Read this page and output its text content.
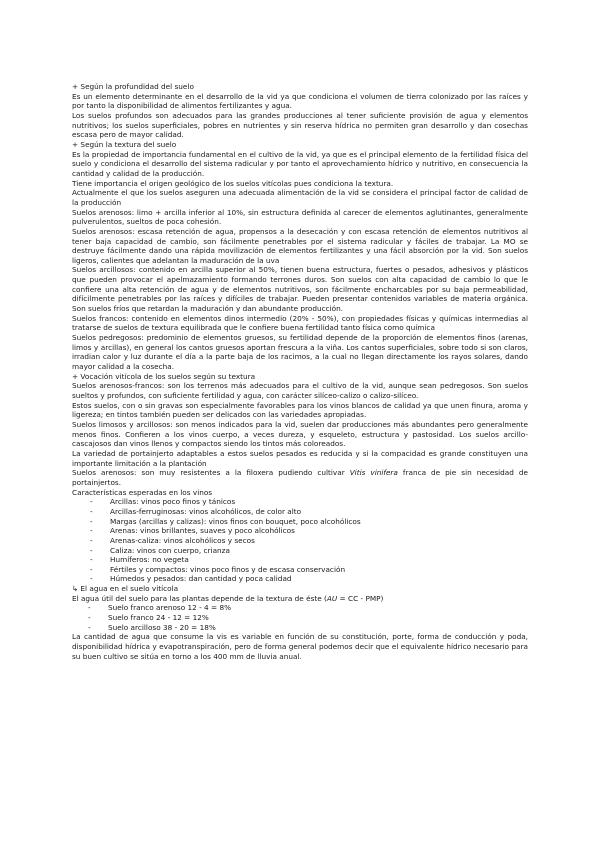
+ Según la profundidad del suelo

Es un elemento determinante en el desarrollo de la vid ya que condiciona el volumen de tierra colonizado por las raíces y por tanto la disponibilidad de alimentos fertilizantes y agua.

Los suelos profundos son adecuados para las grandes producciones al tener suficiente provisión de agua y elementos nutritivos; los suelos superficiales, pobres en nutrientes y sin reserva hídrica no permiten gran desarrollo y dan cosechas escasa pero de mayor calidad.

+ Según la textura del suelo

Es la propiedad de importancia fundamental en el cultivo de la vid, ya que es el principal elemento de la fertilidad física del suelo y condiciona el desarrollo del sistema radicular y por tanto el aprovechamiento hídrico y nutritivo, en consecuencia la cantidad y calidad de la producción.

Tiene importancia el origen geológico de los suelos vitícolas pues condiciona la textura.

Actualmente el que los suelos aseguren una adecuada alimentación de la vid se considera el principal factor de calidad de la producción

Suelos arenosos: limo + arcilla inferior al 10%, sin estructura definida al carecer de elementos aglutinantes, generalmente pulverulentos, sueltos de poca cohesión.

Suelos arenosos: escasa retención de agua, propensos a la desecación y con escasa retención de elementos nutritivos al tener baja capacidad de cambio, son fácilmente penetrables por el sistema radicular y fáciles de trabajar. La MO se destruye fácilmente dando una rápida movilización de elementos fertilizantes y una fácil absorción por la vid. Son suelos ligeros, calientes que adelantan la maduración de la uva

Suelos arcillosos: contenido en arcilla superior al 50%, tienen buena estructura, fuertes o pesados, adhesivos y plásticos que pueden provocar el apelmazamiento formando terrones duros. Son suelos con alta capacidad de cambio lo que le confiere una alta retención de agua y de elementos nutritivos, son fácilmente encharcables por su baja permeabilidad, difícilmente penetrables por las raíces y difíciles de trabajar. Pueden presentar contenidos variables de materia orgánica. Son suelos fríos que retardan la maduración y dan abundante producción.

Suelos francos: contenido en elementos dinos intermedio (20% - 50%), con propiedades físicas y químicas intermedias al tratarse de suelos de textura equilibrada que le confiere buena fertilidad tanto física como química

Suelos pedregosos: predominio de elementos gruesos, su fertilidad depende de la proporción de elementos finos (arenas, limos y arcillas), en general los cantos gruesos aportan frescura a la viña. Los cantos superficiales, sobre todo si son claros, irradian calor y luz durante el día a la parte baja de los racimos, a la cual no llegan directamente los rayos solares, dando mayor calidad a la cosecha.

+ Vocación vitícola de los suelos según su textura

Suelos arenosos-francos: son los terrenos más adecuados para el cultivo de la vid, aunque sean pedregosos. Son suelos sueltos y profundos, con suficiente fertilidad y agua, con carácter silíceo-calizo o calizo-silíceo.

Estos suelos, con o sin gravas son especialmente favorables para los vinos blancos de calidad ya que unen finura, aroma y ligereza; en tintos también pueden ser delicados con las variedades apropiadas.

Suelos limosos y arcillosos: son menos indicados para la vid, suelen dar producciones más abundantes pero generalmente menos finos. Confieren a los vinos cuerpo, a veces dureza, y esqueleto, estructura y pastosidad. Los suelos arcillo-cascajosos dan vinos llenos y compactos siendo los tintos más coloreados.

La variedad de portainjerto adaptables a estos suelos pesados es reducida y si la compacidad es grande constituyen una importante limitación a la plantación

Suelos arenosos: son muy resistentes a la filoxera pudiendo cultivar Vitis vinifera franca de pie sin necesidad de portainjertos.

Características esperadas en los vinos

- Arcillas: vinos poco finos y tánicos
- Arcillas-ferruginosas: vinos alcohólicos, de color alto
- Margas (arcillas y calizas): vinos finos con bouquet, poco alcohólicos
- Arenas: vinos brillantes, suaves y poco alcohólicos
- Arenas-caliza: vinos alcohólicos y secos
- Caliza: vinos con cuerpo, crianza
- Humíferos: no vegeta
- Fértiles y compactos: vinos poco finos y de escasa conservación
- Húmedos y pesados: dan cantidad y poca calidad

↳ El agua en el suelo vitícola

El agua útil del suelo para las plantas depende de la textura de éste (AU = CC - PMP)

- Suelo franco arenoso 12 - 4 = 8%
- Suelo franco 24 - 12 = 12%
- Suelo arcilloso 38 - 20 = 18%

La cantidad de agua que consume la vis es variable en función de su constitución, porte, forma de conducción y poda, disponibilidad hídrica y evapotranspiración, pero de forma general podemos decir que el equivalente hídrico necesario para su buen cultivo se sitúa en torno a los 400 mm de lluvia anual.
